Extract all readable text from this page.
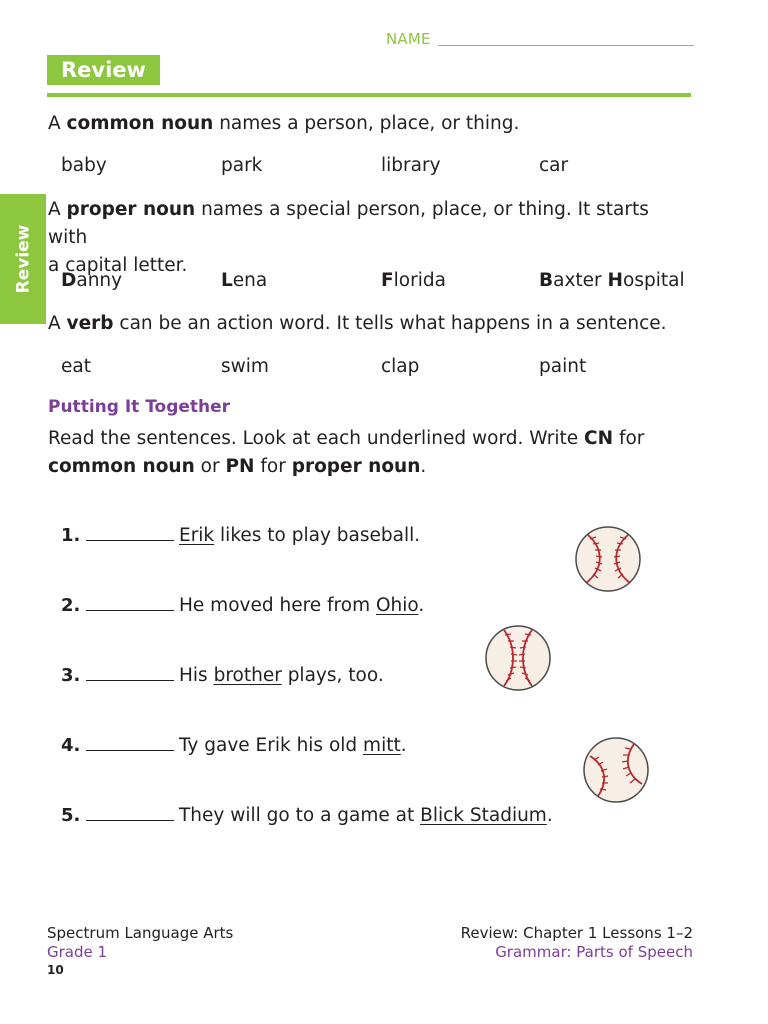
NAME
Review
Review
A common noun names a person, place, or thing.
baby	park	library	car
A proper noun names a special person, place, or thing. It starts with
a capital letter.
Danny	Lena	Florida	Baxter Hospital
A verb can be an action word. It tells what happens in a sentence.
eat	swim	clap	paint
Putting It Together
Read the sentences. Look at each underlined word. Write CN for
common noun or PN for proper noun.
1.	Erik likes to play baseball.
2.	He moved here from Ohio.
3.	His brother plays, too.
4.	Ty gave Erik his old mitt.
5.	They will go to a game at Blick Stadium.
Spectrum Language Arts
Grade 1
10
Review: Chapter 1 Lessons 1–2
Grammar: Parts of Speech
